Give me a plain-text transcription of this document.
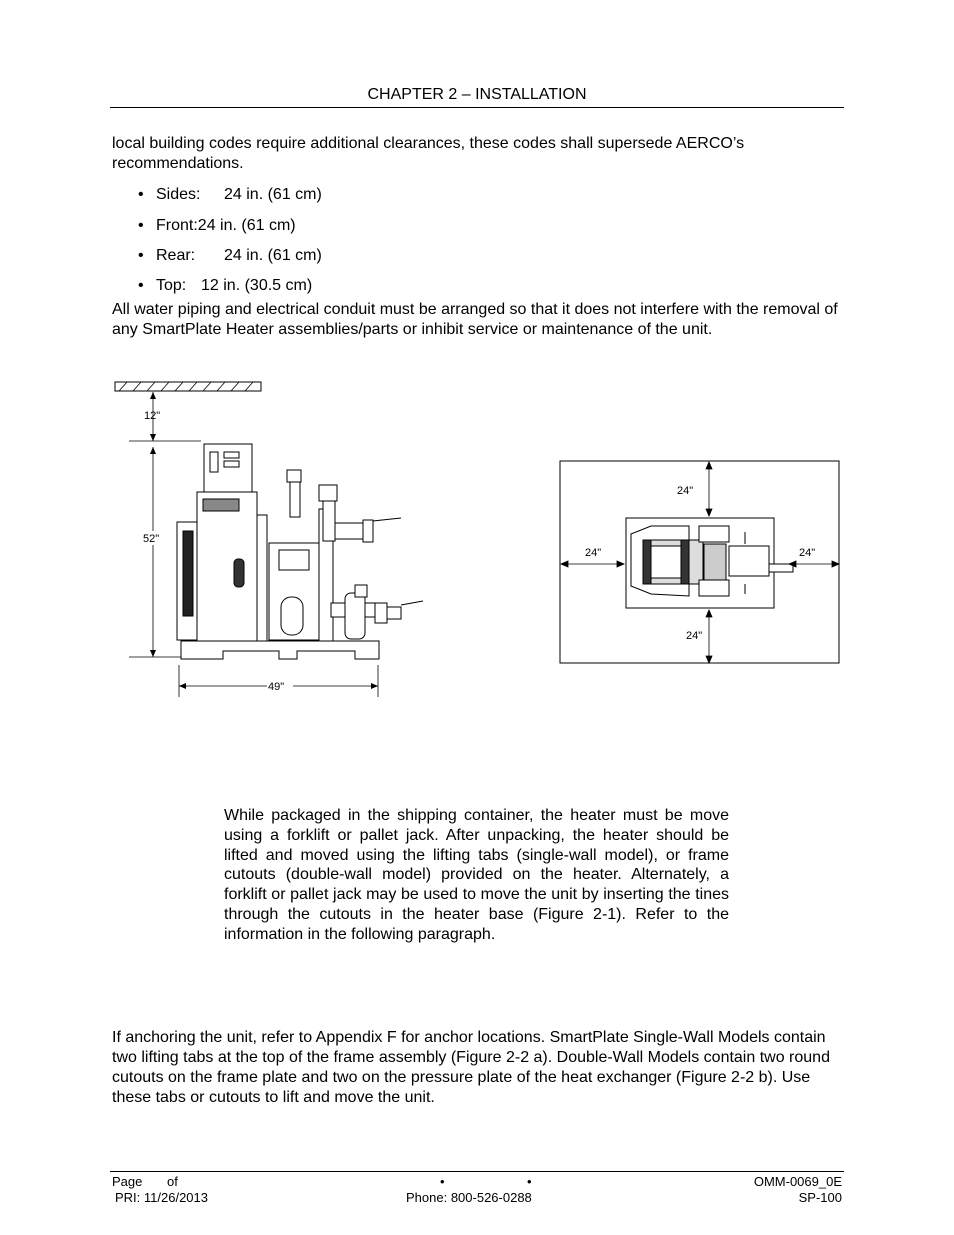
CHAPTER 2 – INSTALLATION

local building codes require additional clearances, these codes shall supersede AERCO’s recommendations.

• Sides: 24 in. (61 cm)
• Front:24 in. (61 cm)
• Rear: 24 in. (61 cm)
• Top: 12 in. (30.5 cm)

All water piping and electrical conduit must be arranged so that it does not interfere with the removal of any SmartPlate Heater assemblies/parts or inhibit service or maintenance of the unit.

12"
52"
49"
24"
24"	24"
24"

While packaged in the shipping container, the heater must be move using a forklift or pallet jack. After unpacking, the heater should be lifted and moved using the lifting tabs (single-wall model), or frame cutouts (double-wall model) provided on the heater. Alternately, a forklift or pallet jack may be used to move the unit by inserting the tines through the cutouts in the heater base (Figure 2-1). Refer to the information in the following paragraph.

If anchoring the unit, refer to Appendix F for anchor locations. SmartPlate Single-Wall Models contain two lifting tabs at the top of the frame assembly (Figure 2-2 a). Double-Wall Models contain two round cutouts on the frame plate and two on the pressure plate of the heat exchanger (Figure 2-2 b). Use these tabs or cutouts to lift and move the unit.

Page of	•	•	OMM-0069_0E
PRI: 11/26/2013	Phone: 800-526-0288	SP-100
